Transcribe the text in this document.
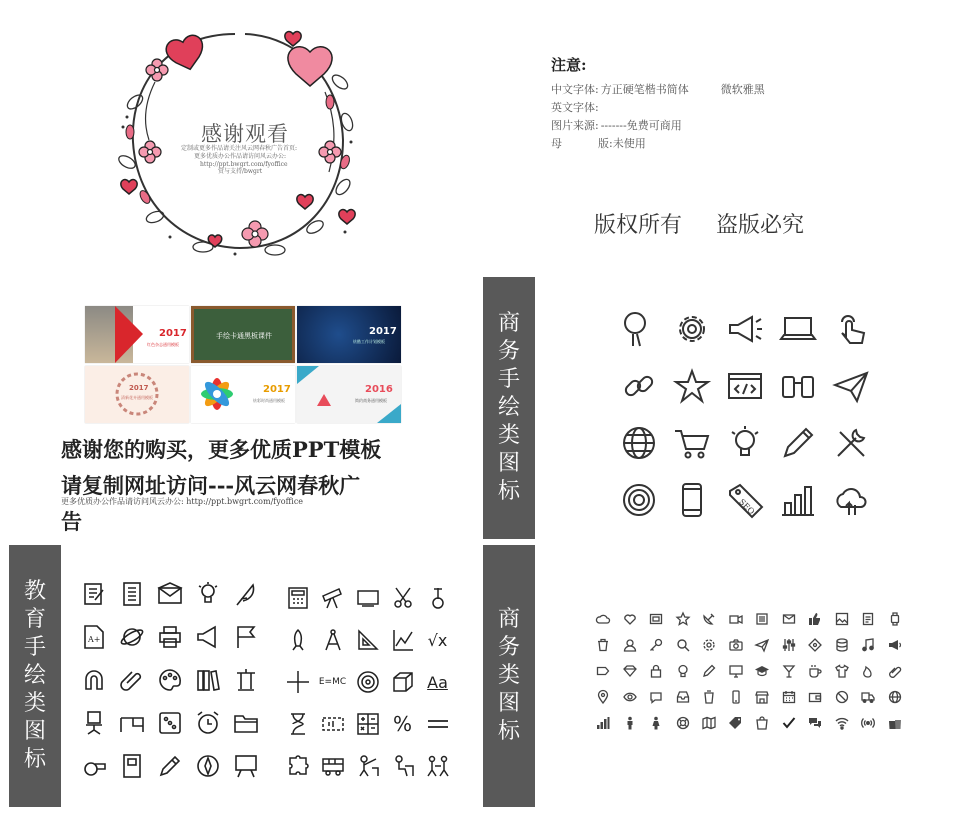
感谢观看
定制或更多作品请关注风云网春秋广告首页:
更多优质办公作品请访问风云办公:
http://ppt.bwgrt.com/fyoffice
赏与支持/bwgrt
注意:
中文字体: 方正硬笔楷书简体	微软雅黑
英文字体:
图片来源: -------免费可商用
母	版:未使用
版权所有 盗版必究
2017
红色杂志通用模板
手绘卡通黑板课件	2017
炫酷工作计划模板
2017
清新花卉通用模板
2017
炫彩时尚通用模板
2016
简约商务通用模板
感谢您的购买，更多优质PPT模板
请复制网址访问---风云网春秋广
告
更多优质办公作品请访问风云办公: http://ppt.bwgrt.com/fyoffice
商务手绘类图标
教育手绘类图标
商务类图标
SEO
A+	√x
E=MC	Aa
%
